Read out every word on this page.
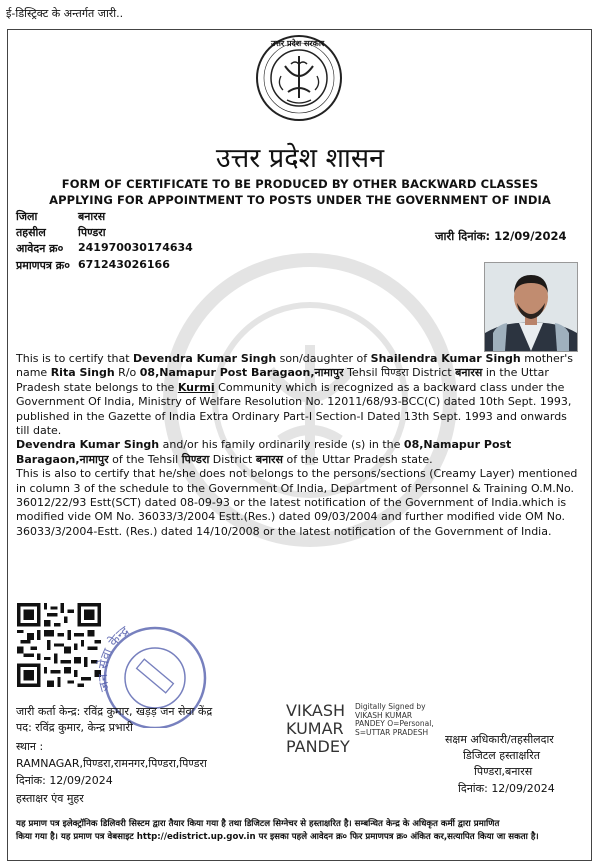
ई-डिस्ट्रिक्ट के अन्तर्गत जारी..
उत्तर प्रदेश सरकार
उत्तर प्रदेश शासन
FORM OF CERTIFICATE TO BE PRODUCED BY OTHER BACKWARD CLASSES
APPLYING FOR APPOINTMENT TO POSTS UNDER THE GOVERNMENT OF INDIA
जिला	बनारस
तहसील	पिण्डरा
आवेदन क्र० 241970030174634
प्रमाणपत्र क्र० 671243026166
जारी दिनांक: 12/09/2024

This is to certify that Devendra Kumar Singh son/daughter of Shailendra Kumar Singh mother's name Rita Singh R/o 08,Namapur Post Baragaon,नामापुर Tehsil पिण्डरा District बनारस in the Uttar Pradesh state belongs to the Kurmi Community which is recognized as a backward class under the Government Of India, Ministry of Welfare Resolution No. 12011/68/93-BCC(C) dated 10th Sept. 1993, published in the Gazette of India Extra Ordinary Part-I Section-I Dated 13th Sept. 1993 and onwards till date.

Devendra Kumar Singh and/or his family ordinarily reside (s) in the 08,Namapur Post Baragaon,नामापुर of the Tehsil पिण्डरा District बनारस of the Uttar Pradesh state.

This is also to certify that he/she does not belongs to the persons/sections (Creamy Layer) mentioned in column 3 of the schedule to the Government Of India, Department of Personnel & Training O.M.No. 36012/22/93 Estt(SCT) dated 08-09-93 or the latest notification of the Government of India.which is modified vide OM No. 36033/3/2004 Estt.(Res.) dated 09/03/2004 and further modified vide OM No. 36033/3/2004-Estt. (Res.) dated 14/10/2008 or the latest notification of the Government of India.

जन सेवा केन्द्र
जारी कर्ता केन्द्र: रविंद्र कुमार, खड़ड़ जन सेवा केंद्र
पद: रविंद्र कुमार, केन्द्र प्रभारी
स्थान :
RAMNAGAR,पिण्डरा,रामनगर,पिण्डरा,पिण्डरा
दिनांक: 12/09/2024
हस्ताक्षर एंव मुहर
VIKASH
KUMAR
PANDEY
Digitally Signed by
VIKASH KUMAR
PANDEY O=Personal,
S=UTTAR PRADESH
सक्षम अधिकारी/तहसीलदार
डिजिटल हस्ताक्षरित
पिण्डरा,बनारस
दिनांक: 12/09/2024
यह प्रमाण पत्र इलेक्ट्रॉनिक डिलिवरी सिस्टम द्वारा तैयार किया गया है तथा डिजिटल सिग्नेचर से हस्ताक्षरित है। सम्बन्धित केन्द्र के अधिकृत कर्मी द्वारा प्रमाणित
किया गया है। यह प्रमाण पत्र वेबसाइट http://edistrict.up.gov.in पर इसका पहले आवेदन क्र० फिर प्रमाणपत्र क्र० अंकित कर,सत्यापित किया जा सकता है।
